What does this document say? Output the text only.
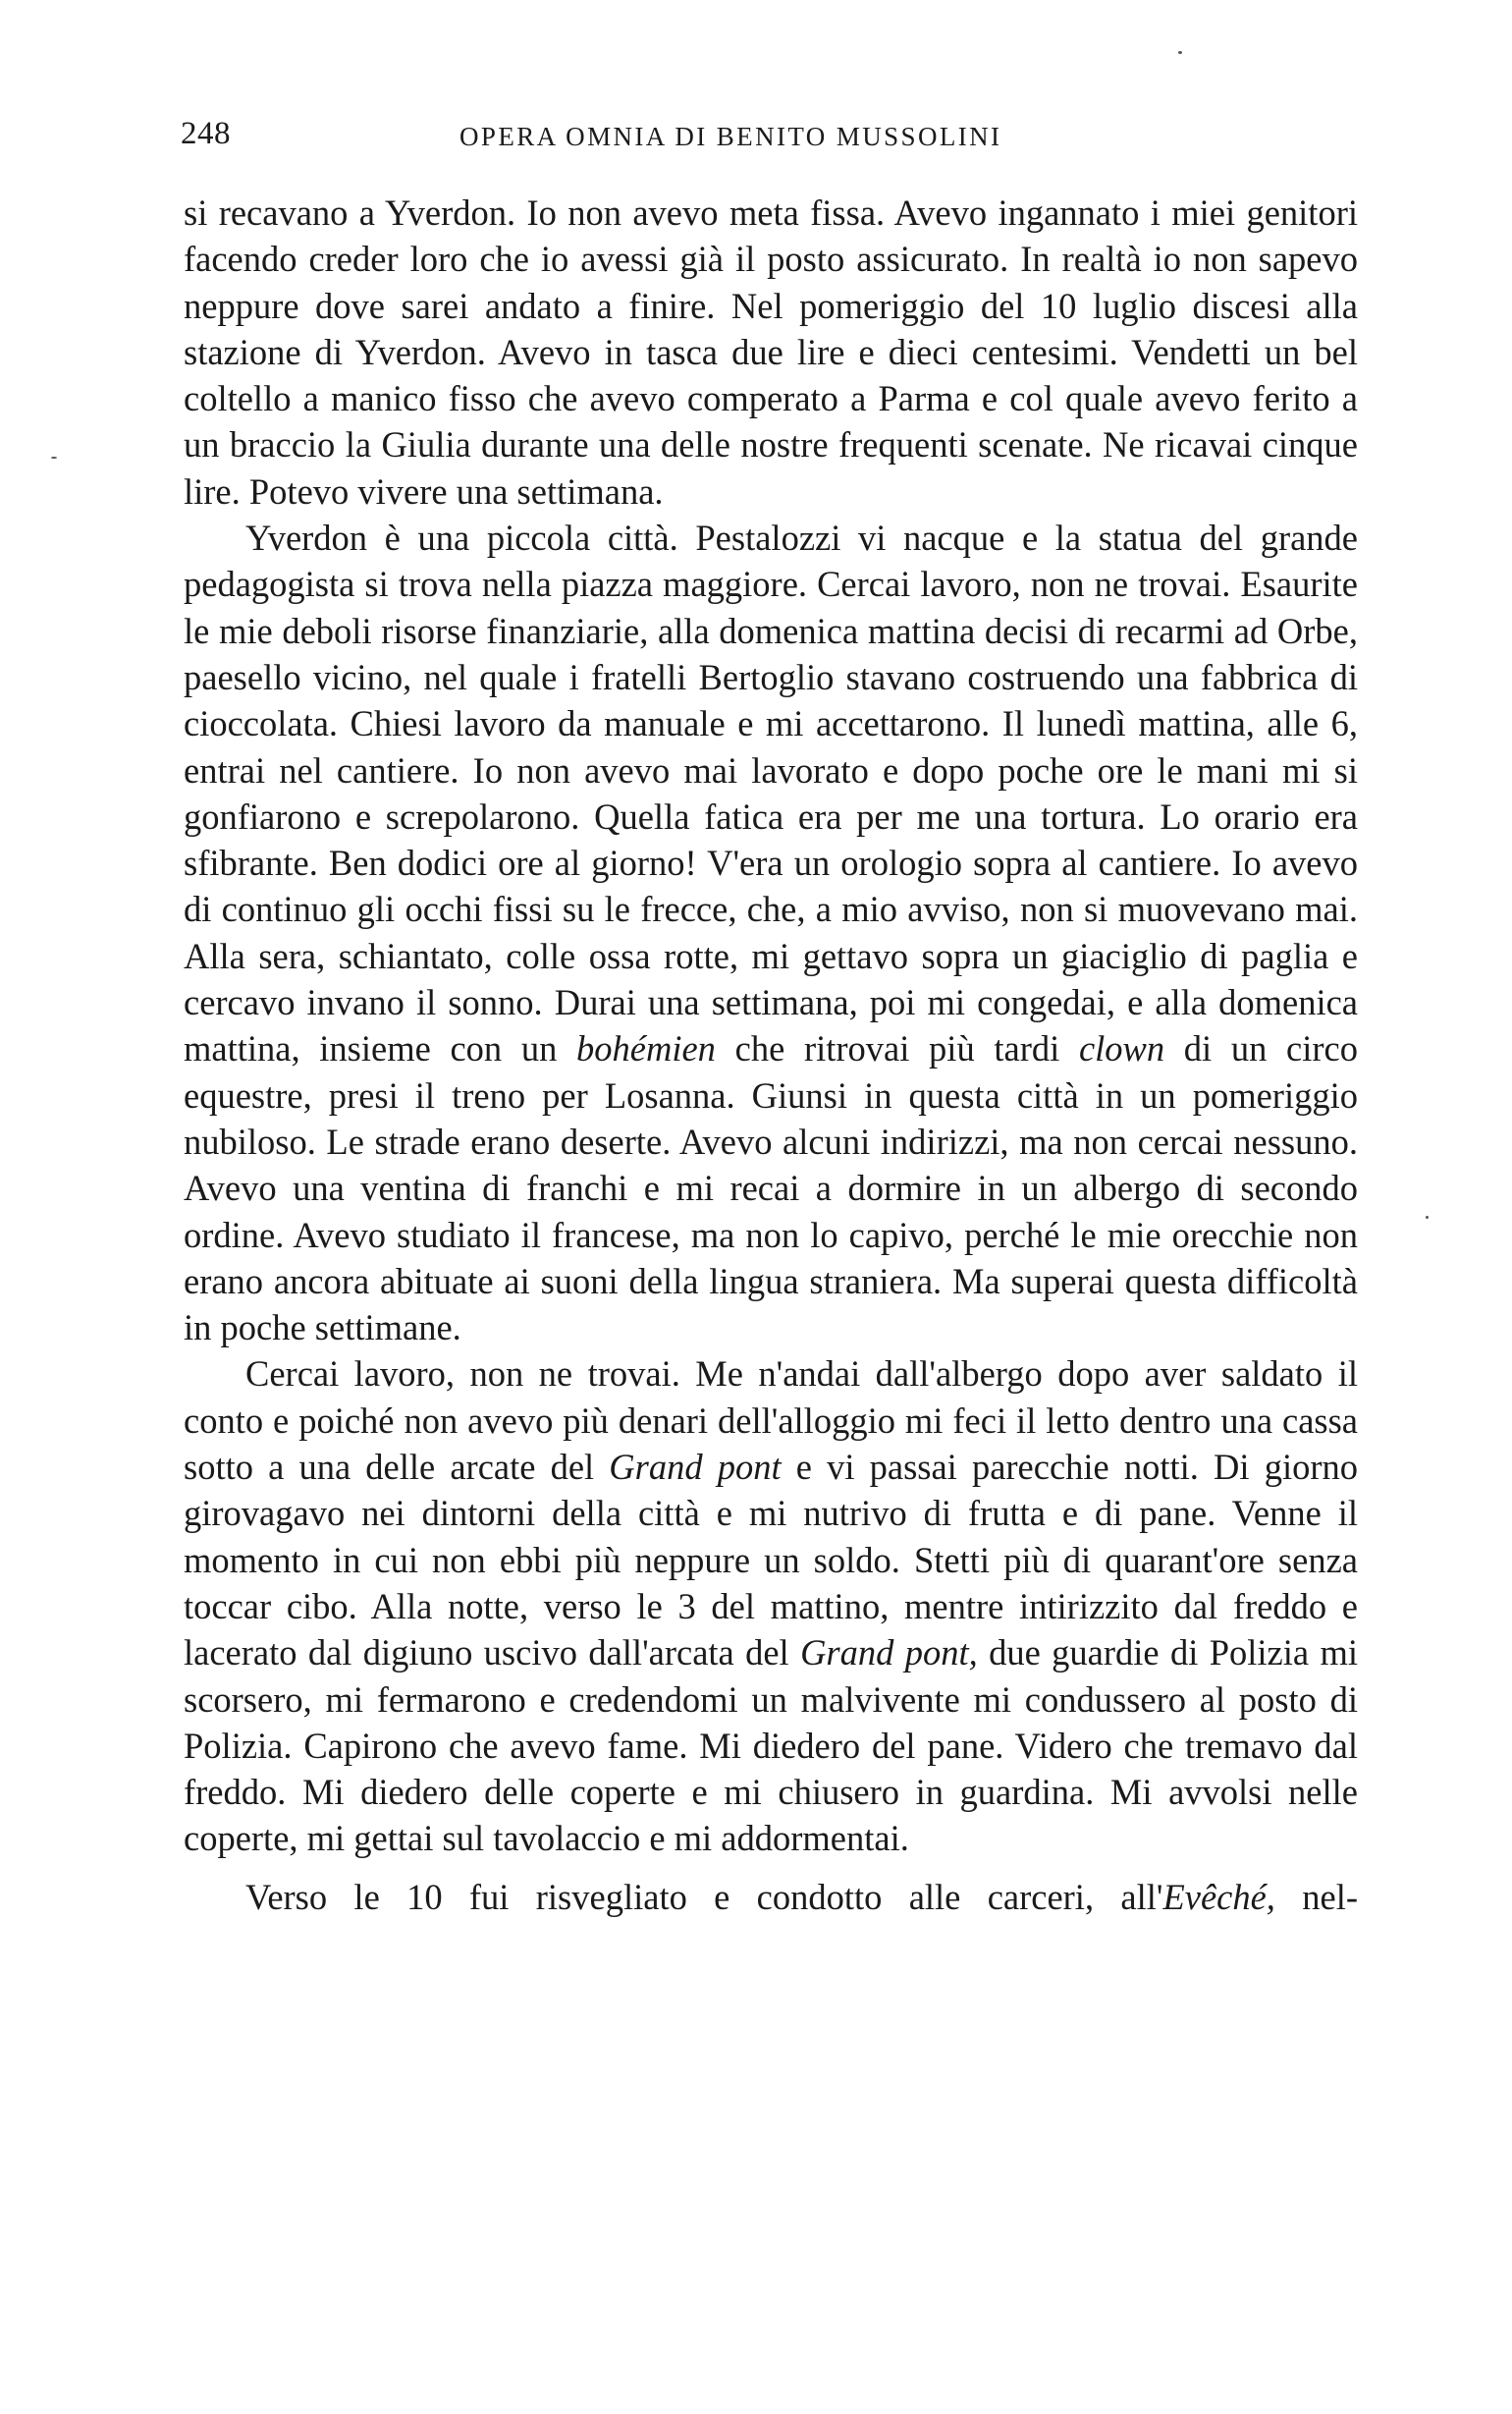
248	OPERA OMNIA DI BENITO MUSSOLINI

si recavano a Yverdon. Io non avevo meta fissa. Avevo ingannato i miei genitori facendo creder loro che io avessi già il posto assicurato. In realtà io non sapevo neppure dove sarei andato a finire. Nel pomeriggio del 10 luglio discesi alla stazione di Yverdon. Avevo in tasca due lire e dieci centesimi. Vendetti un bel coltello a manico fisso che avevo comperato a Parma e col quale avevo ferito a un braccio la Giulia durante una delle nostre frequenti scenate. Ne ricavai cinque lire. Potevo vivere una settimana.

Yverdon è una piccola città. Pestalozzi vi nacque e la statua del grande pedagogista si trova nella piazza maggiore. Cercai lavoro, non ne trovai. Esaurite le mie deboli risorse finanziarie, alla domenica mattina decisi di recarmi ad Orbe, paesello vicino, nel quale i fratelli Bertoglio stavano costruendo una fabbrica di cioccolata. Chiesi lavoro da manuale e mi accettarono. Il lunedì mattina, alle 6, entrai nel cantiere. Io non avevo mai lavorato e dopo poche ore le mani mi si gonfiarono e screpolarono. Quella fatica era per me una tortura. Lo orario era sfibrante. Ben dodici ore al giorno! V'era un orologio sopra al cantiere. Io avevo di continuo gli occhi fissi su le frecce, che, a mio avviso, non si muovevano mai. Alla sera, schiantato, colle ossa rotte, mi gettavo sopra un giaciglio di paglia e cercavo invano il sonno. Durai una settimana, poi mi congedai, e alla domenica mattina, insieme con un bohémien che ritrovai più tardi clown di un circo equestre, presi il treno per Losanna. Giunsi in questa città in un pomeriggio nubiloso. Le strade erano deserte. Avevo alcuni indirizzi, ma non cercai nessuno. Avevo una ventina di franchi e mi recai a dormire in un albergo di secondo ordine. Avevo studiato il francese, ma non lo capivo, perché le mie orecchie non erano ancora abituate ai suoni della lingua straniera. Ma superai questa difficoltà in poche settimane.

Cercai lavoro, non ne trovai. Me n'andai dall'albergo dopo aver saldato il conto e poiché non avevo più denari dell'alloggio mi feci il letto dentro una cassa sotto a una delle arcate del Grand pont e vi passai parecchie notti. Di giorno girovagavo nei dintorni della città e mi nutrivo di frutta e di pane. Venne il momento in cui non ebbi più neppure un soldo. Stetti più di quarant'ore senza toccar cibo. Alla notte, verso le 3 del mattino, mentre intirizzito dal freddo e lacerato dal digiuno uscivo dall'arcata del Grand pont, due guardie di Polizia mi scorsero, mi fermarono e credendomi un malvivente mi condussero al posto di Polizia. Capirono che avevo fame. Mi diedero del pane. Videro che tremavo dal freddo. Mi diedero delle coperte e mi chiusero in guardina. Mi avvolsi nelle coperte, mi gettai sul tavolaccio e mi addormentai.

Verso le 10 fui risvegliato e condotto alle carceri, all'Evêché, nel-
